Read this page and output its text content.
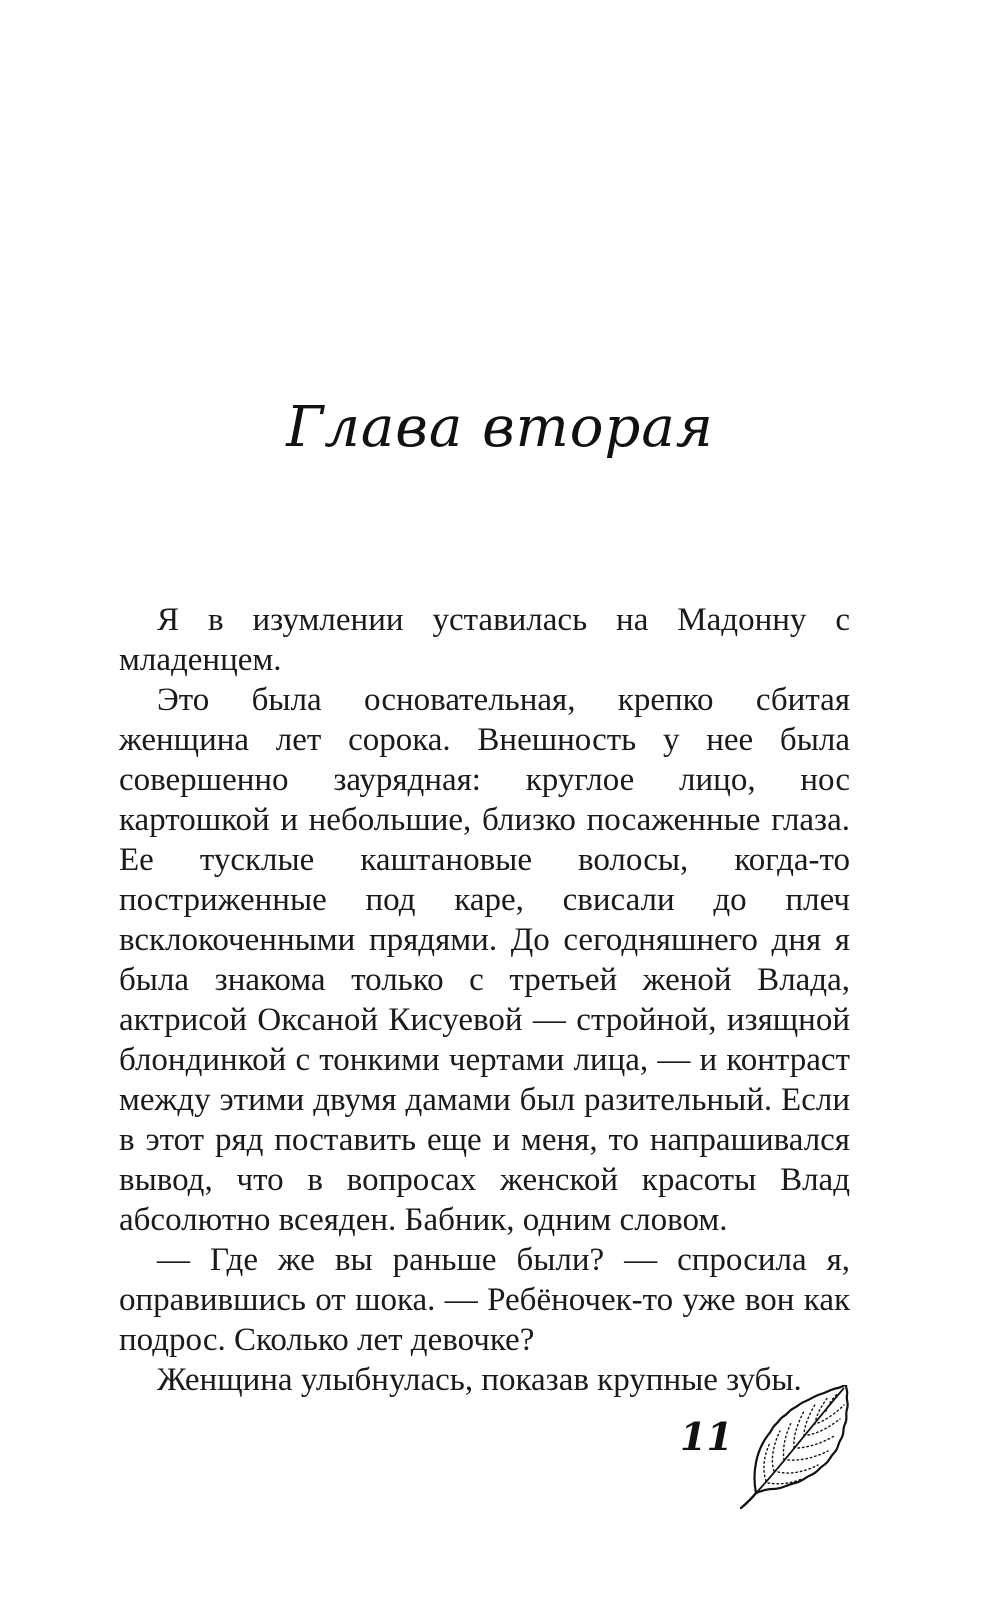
Глава вторая

Я в изумлении уставилась на Мадонну с младенцем.

Это была основательная, крепко сбитая женщина лет сорока. Внешность у нее была совершенно заурядная: круглое лицо, нос картошкой и небольшие, близко посаженные глаза. Ее тусклые каштановые волосы, когда-то постриженные под каре, свисали до плеч всклокоченными прядями. До сегодняшнего дня я была знакома только с третьей женой Влада, актрисой Оксаной Кисуевой — стройной, изящной блондинкой с тонкими чертами лица, — и контраст между этими двумя дамами был разительный. Если в этот ряд поставить еще и меня, то напрашивался вывод, что в вопросах женской красоты Влад абсолютно всеяден. Бабник, одним словом.

— Где же вы раньше были? — спросила я, оправившись от шока. — Ребёночек-то уже вон как подрос. Сколько лет девочке?

Женщина улыбнулась, показав крупные зубы.

11
